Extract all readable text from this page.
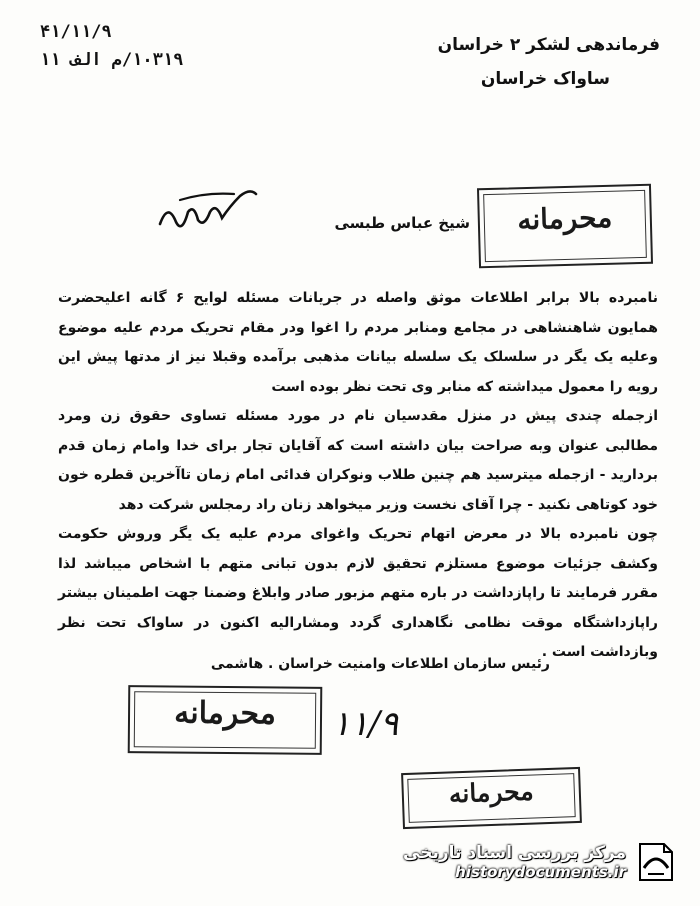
۴۱/۱۱/۹
۱۰۳۱۹/م الف ۱۱
فرماندهی لشکر ۲ خراسان
ساواک خراسان
محرمانه
شیخ عباس طبسی

نامبرده بالا برابر اطلاعات موثق واصله در جریانات مسئله لوایح ۶ گانه اعلیحضرت همایون شاهنشاهی در مجامع ومنابر مردم را اغوا ودر مقام تحریک مردم علیه موضوع وعلیه یک یگر در سلسلک یک سلسله بیانات مذهبی برآمده وقبلا نیز از مدتها پیش این رویه را معمول میداشته که منابر وی تحت نظر بوده است

ازجمله چندی پیش در منزل مقدسیان نام در مورد مسئله تساوی حقوق زن ومرد مطالبی عنوان وبه صراحت بیان داشته است که آقایان تجار برای خدا وامام زمان قدم بردارید - ازجمله میترسید هم چنین طلاب ونوکران فدائی امام زمان تاآخرین قطره خون خود کوتاهی نکنید - چرا آقای نخست وزیر میخواهد زنان راد رمجلس شرکت دهد

چون نامبرده بالا در معرض اتهام تحریک واغوای مردم علیه یک یگر وروش حکومت وکشف جزئیات موضوع مستلزم تحقیق لازم بدون تبانی متهم با اشخاص میباشد لذا مقرر فرمایند تا راپازداشت در باره متهم مزبور صادر وابلاغ وضمنا جهت اطمینان بیشتر راپازداشتگاه موقت نظامی نگاهداری گردد ومشارالیه اکنون در ساواک تحت نظر وبازداشت است .

رئیس سازمان اطلاعات وامنیت خراسان . هاشمی
محرمانه	۱۱/۹
محرمانه
مرکز بررسی اسناد تاریخی
historydocuments.ir
